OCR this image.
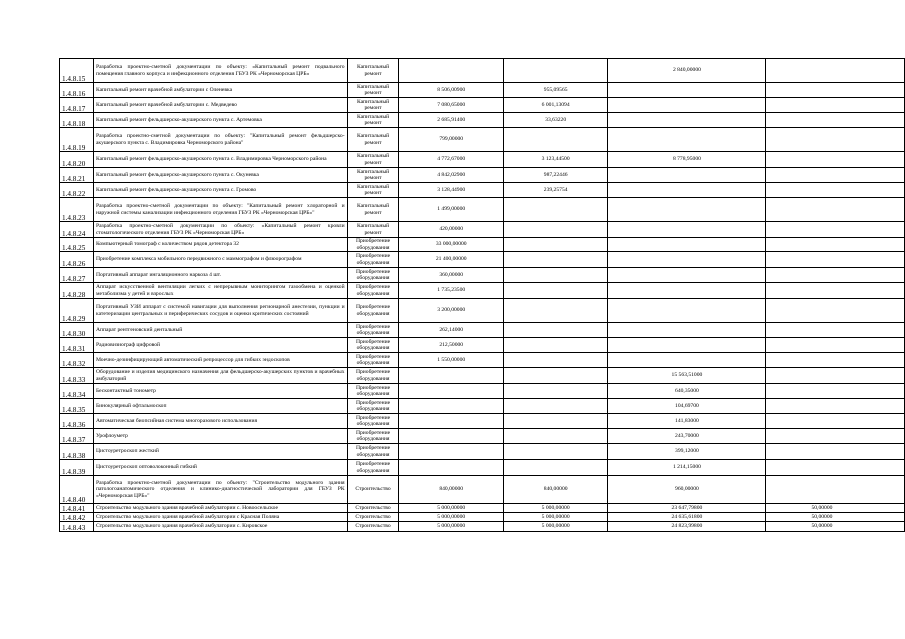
1.4.8.15	Разработка проектно-сметной документации по объекту: «Капитальный ремонт подвального помещения главного корпуса и инфекционного отделения ГБУЗ РК «Черноморская ЦРБ»	Капитальный ремонт			2 840,00000	
1.4.8.16	Капитальный ремонт врачебной амбулатории с Оленевка	Капитальный ремонт	8 506,00900	955,09565		
1.4.8.17	Капитальный ремонт врачебной амбулатории с. Медведево	Капитальный ремонт	7 080,65000	6 001,13094		
1.4.8.18	Капитальный ремонт фельдшерско-акушерского пункта с. Артемовка	Капитальный ремонт	2 685,91400	33,63220		
1.4.8.19	Разработка проектно-сметной документации по объекту: "Капитальный ремонт фельдшерско-акушерского пункта с. Владимировка Черноморского района"	Капитальный ремонт	799,00000			
1.4.8.20	Капитальный ремонт фельдшерско-акушерского пункта с. Владимировка Черноморского района	Капитальный ремонт	4 772,67000	3 123,44500	8 778,95000	
1.4.8.21	Капитальный ремонт фельдшерско-акушерского пункта с. Окуневка	Капитальный ремонт	4 842,02900	987,22446		
1.4.8.22	Капитальный ремонт фельдшерско-акушерского пункта с. Громово	Капитальный ремонт	3 128,44900	239,25754		
1.4.8.23	Разработка проектно-сметной документации по объекту: "Капитальный ремонт хлораторной и наружной системы канализации инфекционного отделения ГБУЗ РК «Черноморская ЦРБ»"	Капитальный ремонт	1 499,00000			
1.4.8.24	Разработка проектно-сметной документации по объекту: «Капитальный ремонт кровли стоматологического отделения ГБУЗ РК «Черноморская ЦРБ»	Капитальный ремонт	420,00000			
1.4.8.25	Компьютерный томограф с количеством рядов детектора 32	Приобретение оборудования	33 000,00000			
1.4.8.26	Приобретение комплекса мобильного передвижного с маммографом и флюорографом	Приобретение оборудования	21 400,00000			
1.4.8.27	Портативный аппарат ингаляционного наркоза 4 шт.	Приобретение оборудования	360,00000			
1.4.8.28	Аппарат искусственной вентиляции легких с непрерывным мониторингом газообмена и оценкой метаболизма у детей и взрослых	Приобретение оборудования	1 735,23500			
1.4.8.29	Портативный УЗИ аппарат с системой навигации для выполнения регионарной анестезии, пункции и катетеризации центральных и периферических сосудов и оценки критических состояний	Приобретение оборудования	3 200,00000			
1.4.8.30	Аппарат рентгеновский дентальный	Приобретение оборудования	262,14000			
1.4.8.31	Радиовизиограф цифровой	Приобретение оборудования	212,50000			
1.4.8.32	Моечно-дезинфицирующий автоматический репроцессор для гибких эндоскопов	Приобретение оборудования	1 550,00000			
1.4.8.33	Оборудование и изделия медицинского назначения для фельдшерско-акушерских пунктов и врачебных амбулаторий	Приобретение оборудования			15 563,51000	
1.4.8.34	Бесконтактный тонометр	Приобретение оборудования			640,35000	
1.4.8.35	Бинокулярный офтальмоскоп	Приобретение оборудования			104,69700	
1.4.8.36	Автоматическая биопсийная система многоразового использования	Приобретение оборудования			141,83000	
1.4.8.37	Урофлоуметр	Приобретение оборудования			243,70000	
1.4.8.38	Цистоуретроскоп жесткий	Приобретение оборудования			399,12000	
1.4.8.39	Цистоуретроскоп оптоволоконный гибкий	Приобретение оборудования			1 214,15000	
1.4.8.40	Разработка проектно-сметной документации по объекту: "Строительство модульного здания патологоанатомического отделения и клинико-диагностической лаборатории для ГБУЗ РК «Черноморская ЦРБ»"	Строительство	840,00000	840,00000	960,00000	
1.4.8.41	Строительство модульного здания врачебной амбулатории с. Новоосельское	Строительство	5 000,00000	5 000,00000	23 647,79800	50,00000
1.4.8.42	Строительство модульного здания врачебной амбулатории с Красная Поляна	Строительство	5 000,00000	5 000,00000	24 635,61800	50,00000
1.4.8.43	Строительство модульного здания врачебной амбулатории с. Кировское	Строительство	5 000,00000	5 000,00000	24 823,99800	50,00000
